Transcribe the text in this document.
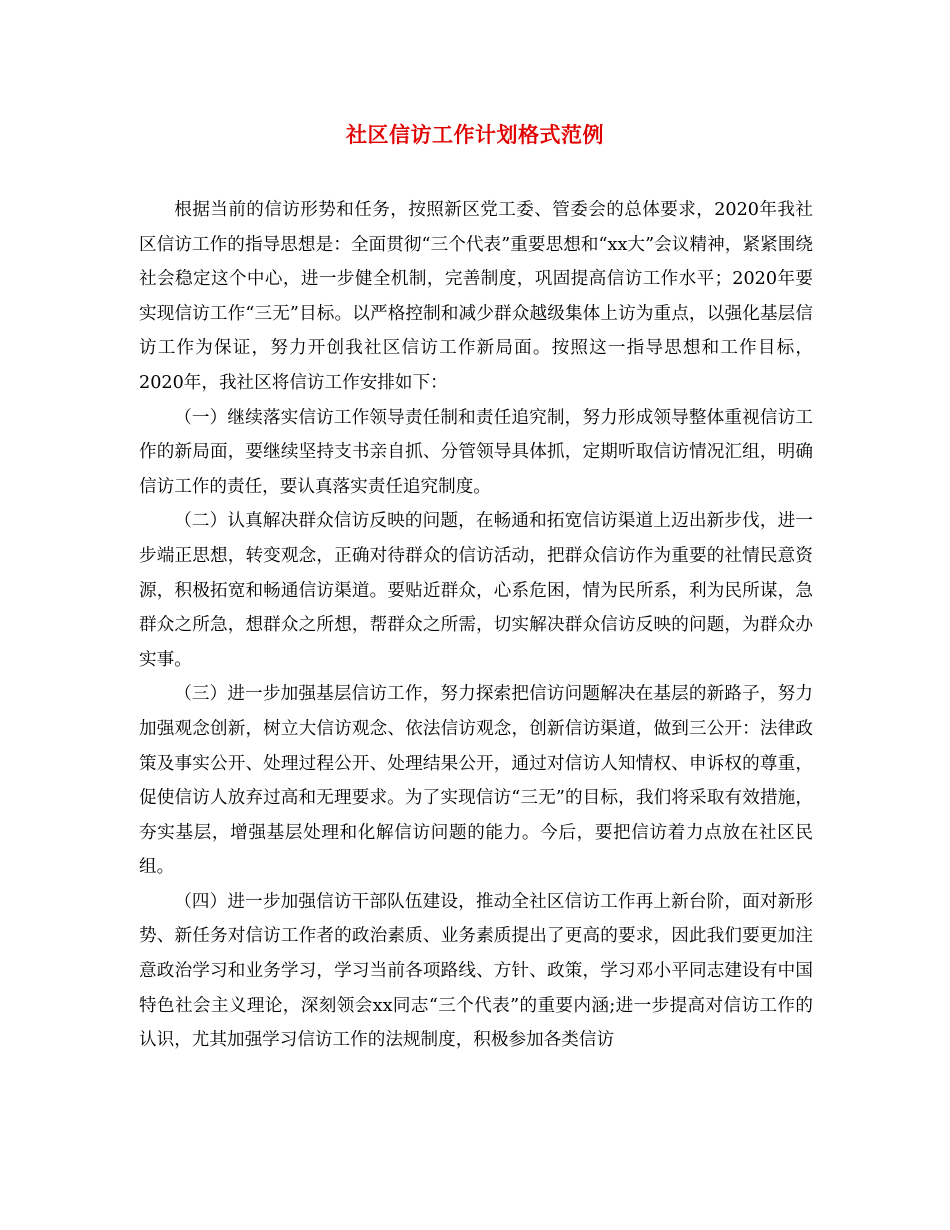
社区信访工作计划格式范例

根据当前的信访形势和任务，按照新区党工委、管委会的总体要求，2020年我社区信访工作的指导思想是：全面贯彻“三个代表”重要思想和“xx大”会议精神，紧紧围绕社会稳定这个中心，进一步健全机制，完善制度，巩固提高信访工作水平；2020年要实现信访工作“三无”目标。以严格控制和减少群众越级集体上访为重点，以强化基层信访工作为保证，努力开创我社区信访工作新局面。按照这一指导思想和工作目标，2020年，我社区将信访工作安排如下：

（一）继续落实信访工作领导责任制和责任追究制，努力形成领导整体重视信访工作的新局面，要继续坚持支书亲自抓、分管领导具体抓，定期听取信访情况汇组，明确信访工作的责任，要认真落实责任追究制度。

（二）认真解决群众信访反映的问题，在畅通和拓宽信访渠道上迈出新步伐，进一步端正思想，转变观念，正确对待群众的信访活动，把群众信访作为重要的社情民意资源，积极拓宽和畅通信访渠道。要贴近群众，心系危困，情为民所系，利为民所谋，急群众之所急，想群众之所想，帮群众之所需，切实解决群众信访反映的问题，为群众办实事。

（三）进一步加强基层信访工作，努力探索把信访问题解决在基层的新路子，努力加强观念创新，树立大信访观念、依法信访观念，创新信访渠道，做到三公开：法律政策及事实公开、处理过程公开、处理结果公开，通过对信访人知情权、申诉权的尊重，促使信访人放弃过高和无理要求。为了实现信访“三无”的目标，我们将采取有效措施，夯实基层，增强基层处理和化解信访问题的能力。今后，要把信访着力点放在社区民组。

（四）进一步加强信访干部队伍建设，推动全社区信访工作再上新台阶，面对新形势、新任务对信访工作者的政治素质、业务素质提出了更高的要求，因此我们要更加注意政治学习和业务学习，学习当前各项路线、方针、政策，学习邓小平同志建设有中国特色社会主义理论，深刻领会xx同志“三个代表”的重要内涵;进一步提高对信访工作的认识，尤其加强学习信访工作的法规制度，积极参加各类信访
